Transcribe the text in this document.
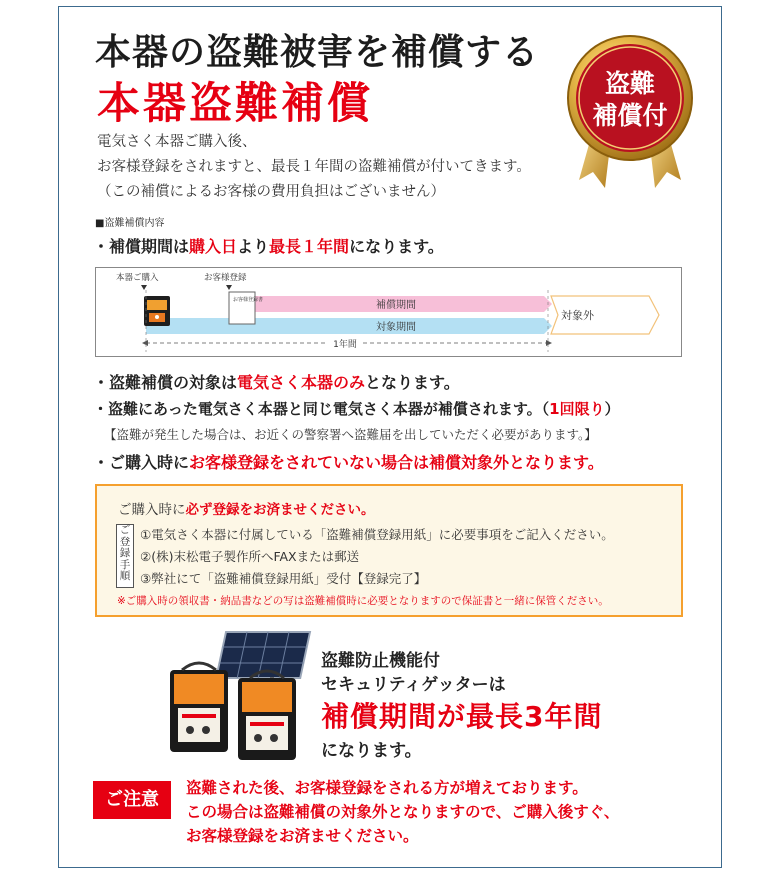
本器の盗難被害を補償する
本器盗難補償	盗難
補償付
電気さく本器ご購入後、
お客様登録をされますと、最長１年間の盗難補償が付いてきます。
（この補償によるお客様の費用負担はございません）
■盗難補償内容
・補償期間は購入日より最長１年間になります。
本器ご購入	お客様登録
補償期間
対象期間
対象外
お客様登録書
1年間
・盗難補償の対象は電気さく本器のみとなります。
・盗難にあった電気さく本器と同じ電気さく本器が補償されます。（1回限り）
【盗難が発生した場合は、お近くの警察署へ盗難届を出していただく必要があります。】
・ご購入時にお客様登録をされていない場合は補償対象外となります。
ご購入時に必ず登録をお済ませください。
ご
登
録
手
順
①電気さく本器に付属している「盗難補償登録用紙」に必要事項をご記入ください。
②(株)末松電子製作所へFAXまたは郵送
③弊社にて「盗難補償登録用紙」受付【登録完了】
※ご購入時の領収書・納品書などの写は盗難補償時に必要となりますので保証書と一緒に保管ください。
盗難防止機能付
セキュリティゲッターは
補償期間が最長3年間
になります。
ご注意
盗難された後、お客様登録をされる方が増えております。
この場合は盗難補償の対象外となりますので、ご購入後すぐ、
お客様登録をお済ませください。
